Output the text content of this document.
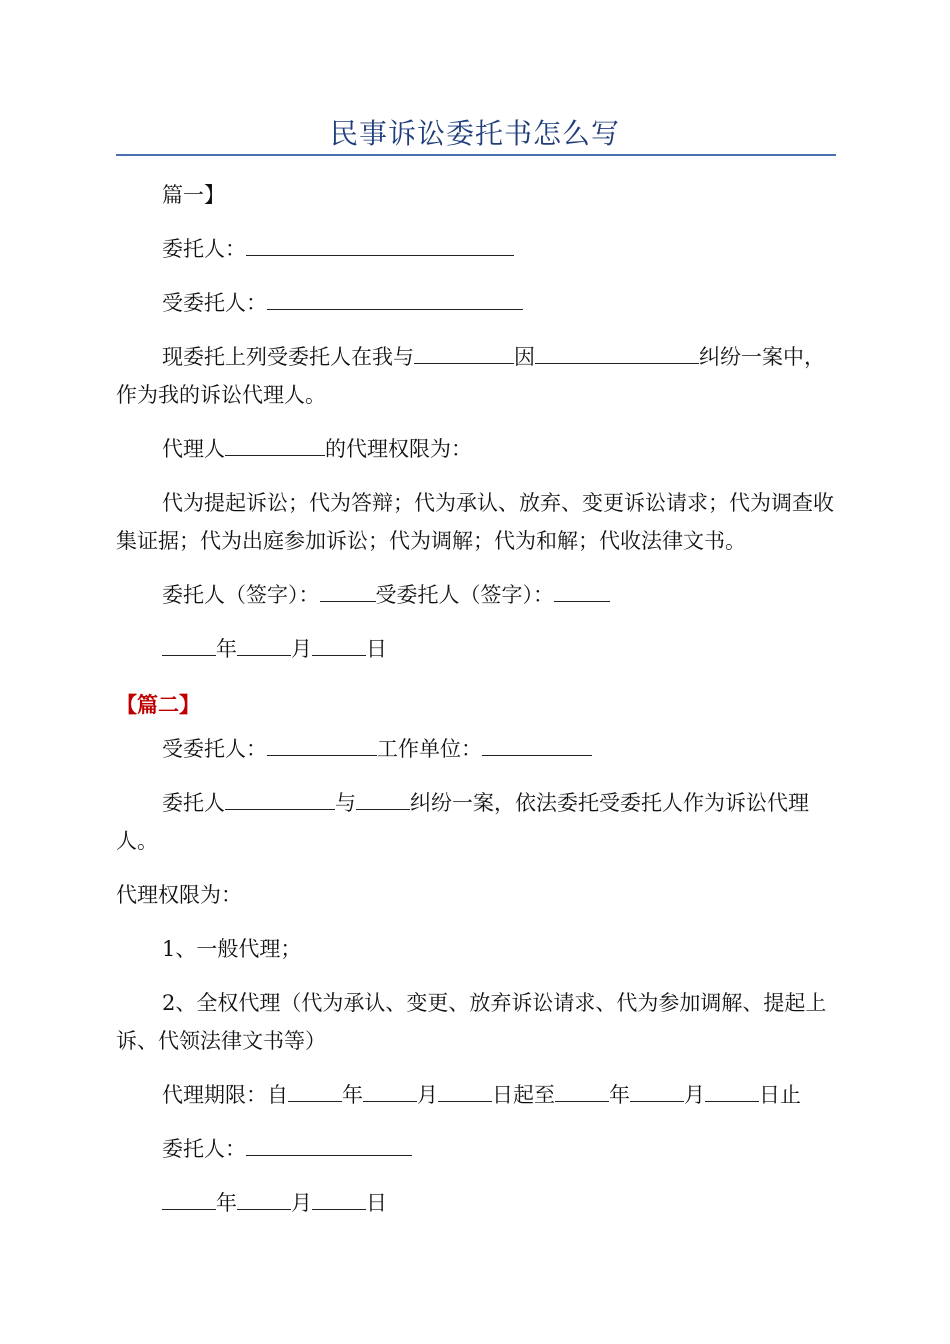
民事诉讼委托书怎么写
篇一】
委托人：
受委托人：
现委托上列受委托人在我与	因	纠纷一案中，作为我的诉讼代理人。
代理人	的代理权限为：
代为提起诉讼；代为答辩；代为承认、放弃、变更诉讼请求；代为调查收集证据；代为出庭参加诉讼；代为调解；代为和解；代收法律文书。
委托人（签字）：	受委托人（签字）：
年	月	日
【篇二】
受委托人：	工作单位：
委托人	与	纠纷一案，依法委托受委托人作为诉讼代理人。
代理权限为：
1、一般代理；
2、全权代理（代为承认、变更、放弃诉讼请求、代为参加调解、提起上诉、代领法律文书等）
代理期限：自	年	月	日起至	年	月	日止
委托人：
年	月	日
